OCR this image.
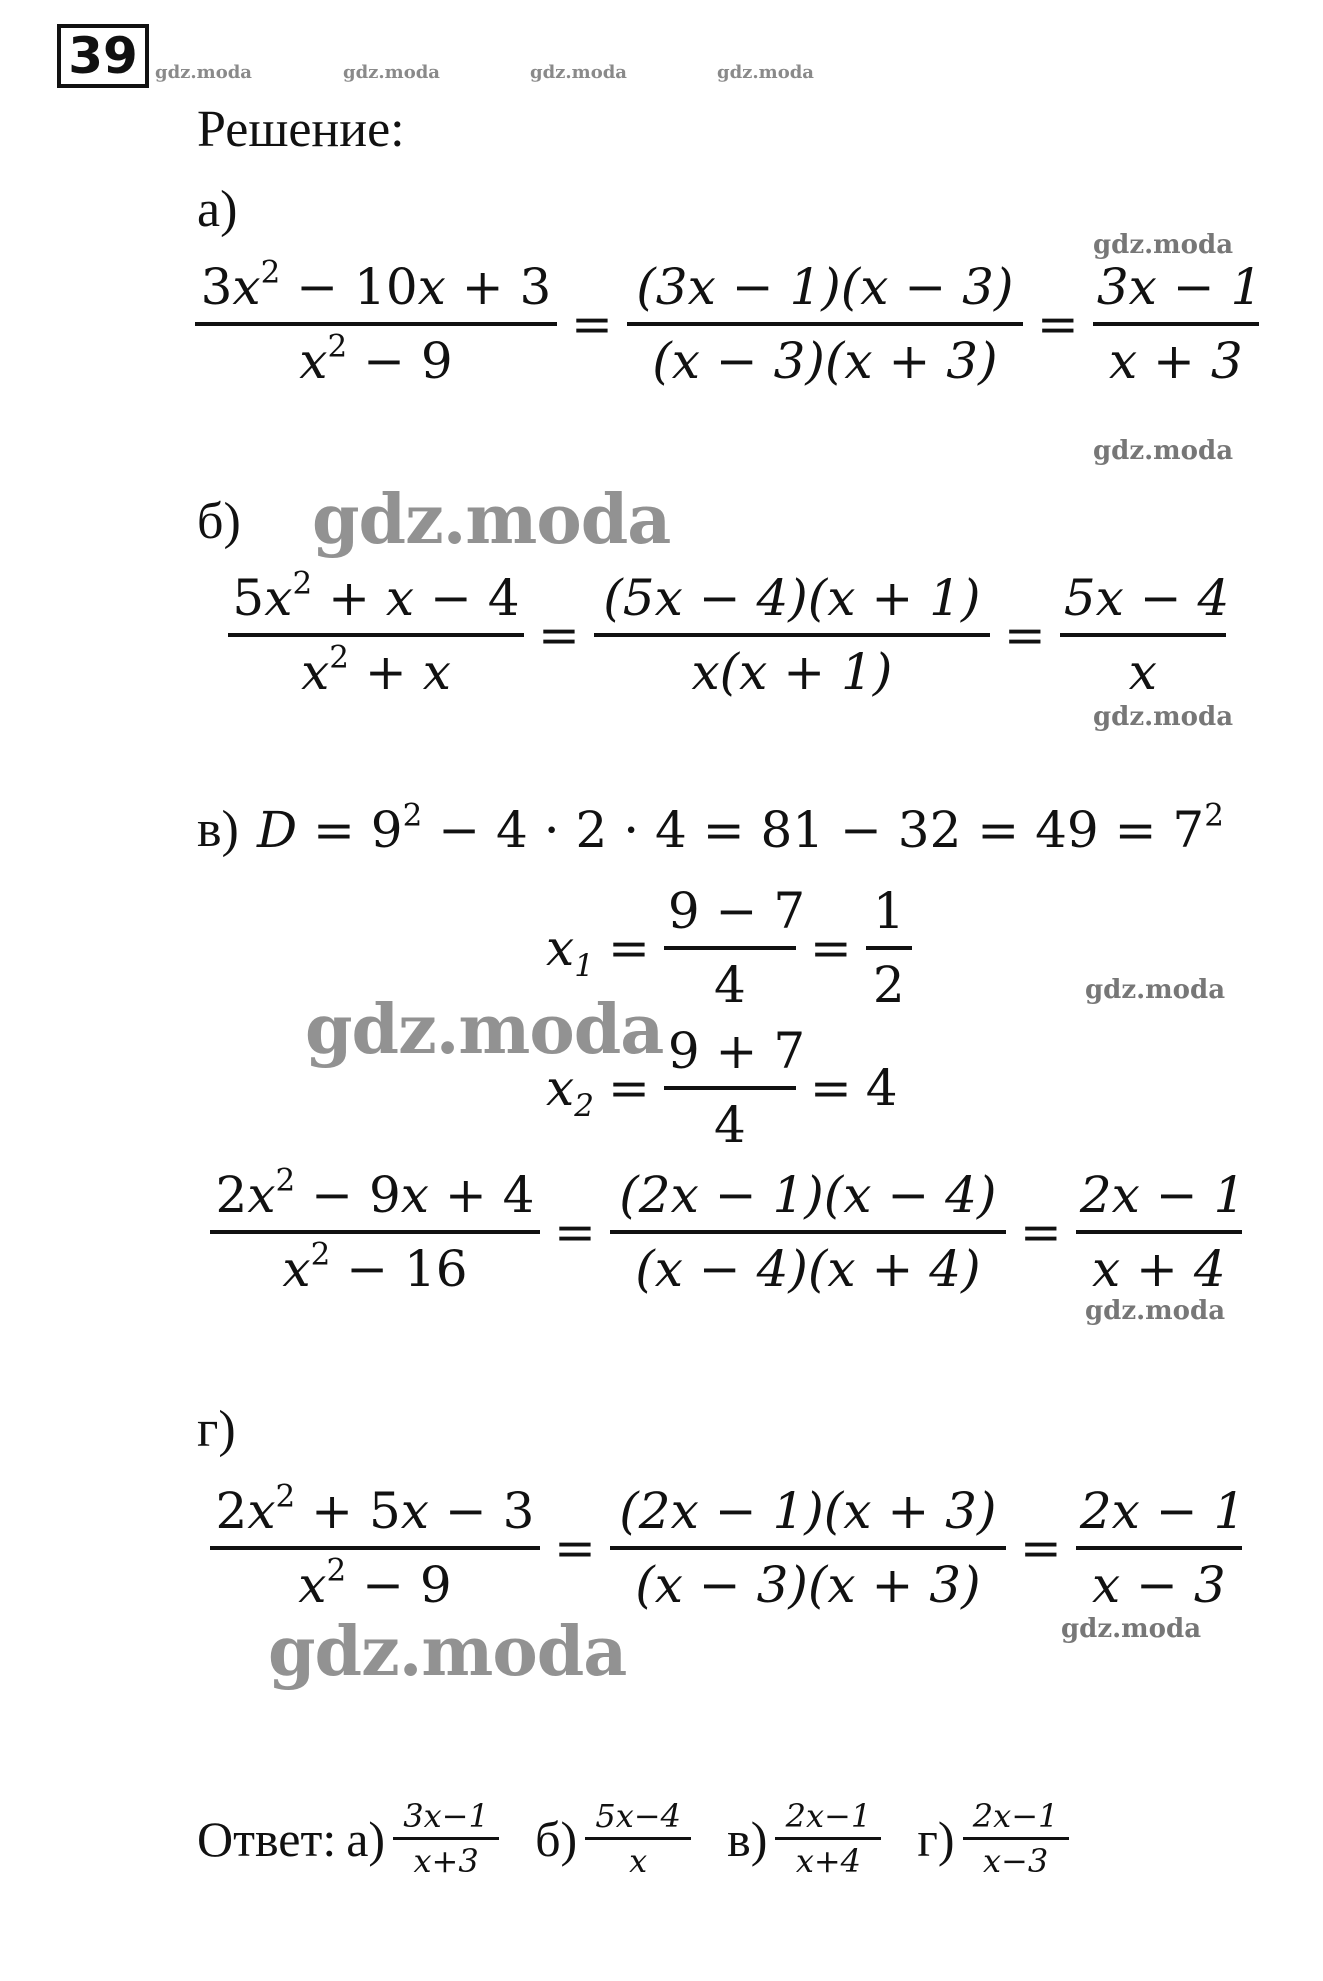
39 gdz.moda	gdz.moda	gdz.moda	gdz.moda
Решение:
а)
gdz.moda
$\frac{3x^2 - 10x + 3}{x^2 - 9} = \frac{(3x - 1)(x - 3)}{(x - 3)(x + 3)} = \frac{3x - 1}{x + 3}$
gdz.moda
б) gdz.moda
$\frac{5x^2 + x - 4}{x^2 + x} = \frac{(5x - 4)(x + 1)}{x(x + 1)} = \frac{5x - 4}{x}$
gdz.moda
в) $D = 9^2 - 4 \cdot 2 \cdot 4 = 81 - 32 = 49 = 7^2$
$x_1 = \frac{9 - 7}{4} = \frac{1}{2}$	gdz.moda
gdz.moda
$x_2 = \frac{9 + 7}{4} = 4$
$\frac{2x^2 - 9x + 4}{x^2 - 16} = \frac{(2x - 1)(x - 4)}{(x - 4)(x + 4)} = \frac{2x - 1}{x + 4}$
gdz.moda
г)
$\frac{2x^2 + 5x - 3}{x^2 - 9} = \frac{(2x - 1)(x + 3)}{(x - 3)(x + 3)} = \frac{2x - 1}{x - 3}$
gdz.moda
gdz.moda
Ответ: $а) \frac{3x-1}{x+3} б) \frac{5x-4}{x} в) \frac{2x-1}{x+4} г) \frac{2x-1}{x-3}$
